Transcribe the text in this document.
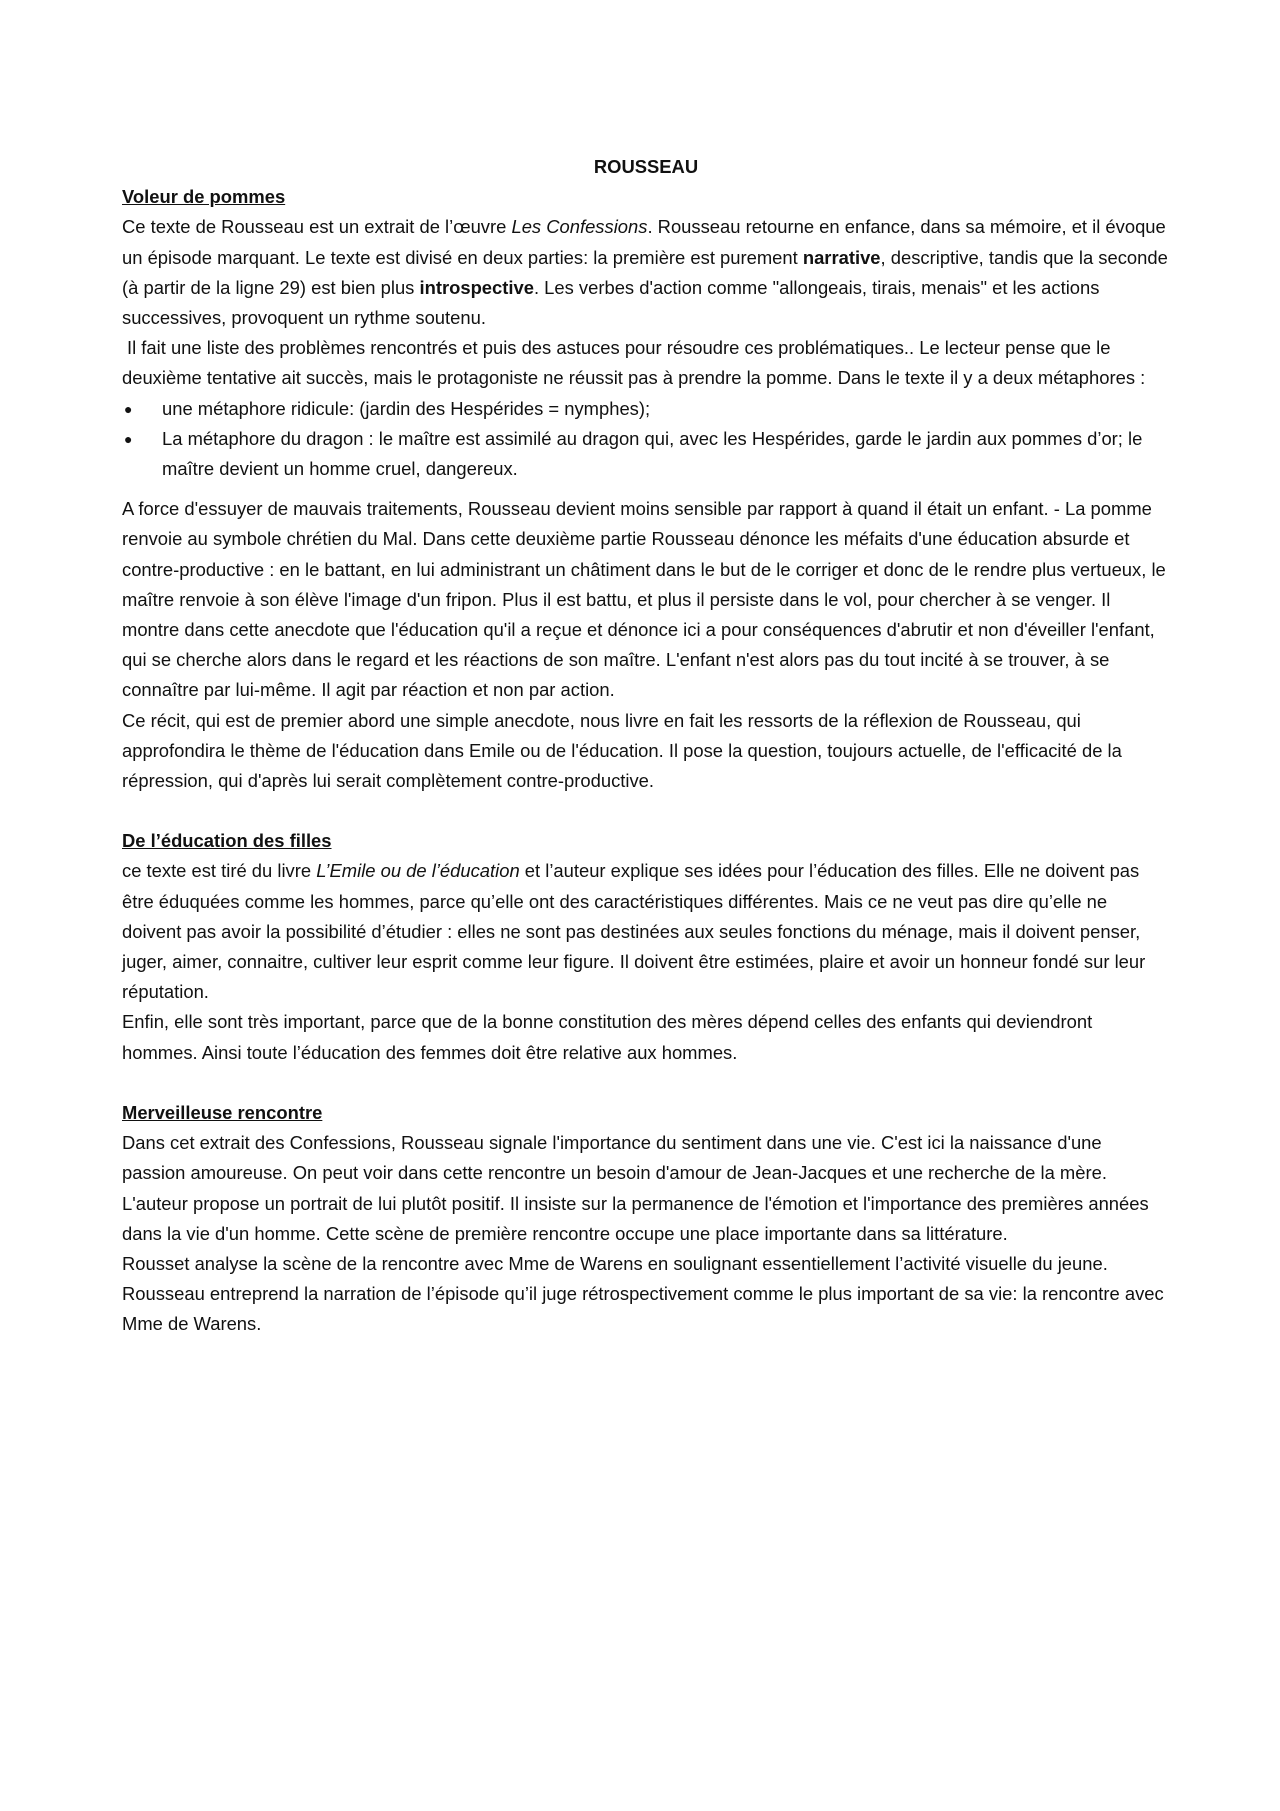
ROUSSEAU

Voleur de pommes

Ce texte de Rousseau est un extrait de l’œuvre Les Confessions. Rousseau retourne en enfance, dans sa mémoire, et il évoque un épisode marquant. Le texte est divisé en deux parties: la première est purement narrative, descriptive, tandis que la seconde (à partir de la ligne 29) est bien plus introspective. Les verbes d'action comme "allongeais, tirais, menais" et les actions successives, provoquent un rythme soutenu.

Il fait une liste des problèmes rencontrés et puis des astuces pour résoudre ces problématiques.. Le lecteur pense que le deuxième tentative ait succès, mais le protagoniste ne réussit pas à prendre la pomme. Dans le texte il y a deux métaphores :

● une métaphore ridicule: (jardin des Hespérides = nymphes);
● La métaphore du dragon : le maître est assimilé au dragon qui, avec les Hespérides, garde le jardin aux pommes d’or; le maître devient un homme cruel, dangereux.

A force d'essuyer de mauvais traitements, Rousseau devient moins sensible par rapport à quand il était un enfant. - La pomme renvoie au symbole chrétien du Mal. Dans cette deuxième partie Rousseau dénonce les méfaits d'une éducation absurde et contre-productive : en le battant, en lui administrant un châtiment dans le but de le corriger et donc de le rendre plus vertueux, le maître renvoie à son élève l'image d'un fripon. Plus il est battu, et plus il persiste dans le vol, pour chercher à se venger. Il montre dans cette anecdote que l'éducation qu'il a reçue et dénonce ici a pour conséquences d'abrutir et non d'éveiller l'enfant, qui se cherche alors dans le regard et les réactions de son maître. L'enfant n'est alors pas du tout incité à se trouver, à se connaître par lui-même. Il agit par réaction et non par action.

Ce récit, qui est de premier abord une simple anecdote, nous livre en fait les ressorts de la réflexion de Rousseau, qui approfondira le thème de l'éducation dans Emile ou de l'éducation. Il pose la question, toujours actuelle, de l'efficacité de la répression, qui d'après lui serait complètement contre-productive.

De l’éducation des filles

ce texte est tiré du livre L’Emile ou de l’éducation et l’auteur explique ses idées pour l’éducation des filles. Elle ne doivent pas être éduquées comme les hommes, parce qu’elle ont des caractéristiques différentes. Mais ce ne veut pas dire qu’elle ne doivent pas avoir la possibilité d’étudier : elles ne sont pas destinées aux seules fonctions du ménage, mais il doivent penser, juger, aimer, connaitre, cultiver leur esprit comme leur figure. Il doivent être estimées, plaire et avoir un honneur fondé sur leur réputation.

Enfin, elle sont très important, parce que de la bonne constitution des mères dépend celles des enfants qui deviendront hommes. Ainsi toute l’éducation des femmes doit être relative aux hommes.

Merveilleuse rencontre

Dans cet extrait des Confessions, Rousseau signale l'importance du sentiment dans une vie. C'est ici la naissance d'une passion amoureuse. On peut voir dans cette rencontre un besoin d'amour de Jean-Jacques et une recherche de la mère.

L'auteur propose un portrait de lui plutôt positif. Il insiste sur la permanence de l'émotion et l'importance des premières années dans la vie d'un homme. Cette scène de première rencontre occupe une place importante dans sa littérature.

Rousset analyse la scène de la rencontre avec Mme de Warens en soulignant essentiellement l’activité visuelle du jeune. Rousseau entreprend la narration de l’épisode qu’il juge rétrospectivement comme le plus important de sa vie: la rencontre avec Mme de Warens.
